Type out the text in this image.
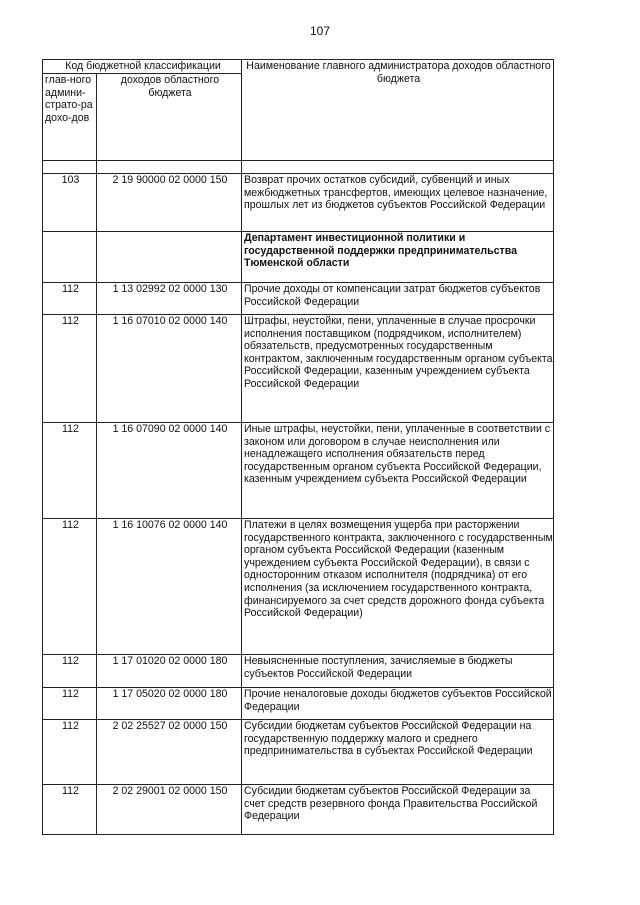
107
Код бюджетной классификации		Наименование главного администратора доходов областного бюджета
глав-ного админи-страто-ра дохо-дов	доходов областного бюджета	

103	2 19 90000 02 0000 150	Возврат прочих остатков субсидий, субвенций и иных межбюджетных трансфертов, имеющих целевое назначение, прошлых лет из бюджетов субъектов Российской Федерации
		Департамент инвестиционной политики и государственной поддержки предпринимательства Тюменской области
112	1 13 02992 02 0000 130	Прочие доходы от компенсации затрат бюджетов субъектов Российской Федерации
112	1 16 07010 02 0000 140	Штрафы, неустойки, пени, уплаченные в случае просрочки исполнения поставщиком (подрядчиком, исполнителем) обязательств, предусмотренных государственным контрактом, заключенным государственным органом субъекта Российской Федерации, казенным учреждением субъекта Российской Федерации
112	1 16 07090 02 0000 140	Иные штрафы, неустойки, пени, уплаченные в соответствии с законом или договором в случае неисполнения или ненадлежащего исполнения обязательств перед государственным органом субъекта Российской Федерации, казенным учреждением субъекта Российской Федерации
112	1 16 10076 02 0000 140	Платежи в целях возмещения ущерба при расторжении государственного контракта, заключенного с государственным органом субъекта Российской Федерации (казенным учреждением субъекта Российской Федерации), в связи с односторонним отказом исполнителя (подрядчика) от его исполнения (за исключением государственного контракта, финансируемого за счет средств дорожного фонда субъекта Российской Федерации)
112	1 17 01020 02 0000 180	Невыясненные поступления, зачисляемые в бюджеты субъектов Российской Федерации
112	1 17 05020 02 0000 180	Прочие неналоговые доходы бюджетов субъектов Российской Федерации
112	2 02 25527 02 0000 150	Субсидии бюджетам субъектов Российской Федерации на государственную поддержку малого и среднего предпринимательства в субъектах Российской Федерации
112	2 02 29001 02 0000 150	Субсидии бюджетам субъектов Российской Федерации за счет средств резервного фонда Правительства Российской Федерации
